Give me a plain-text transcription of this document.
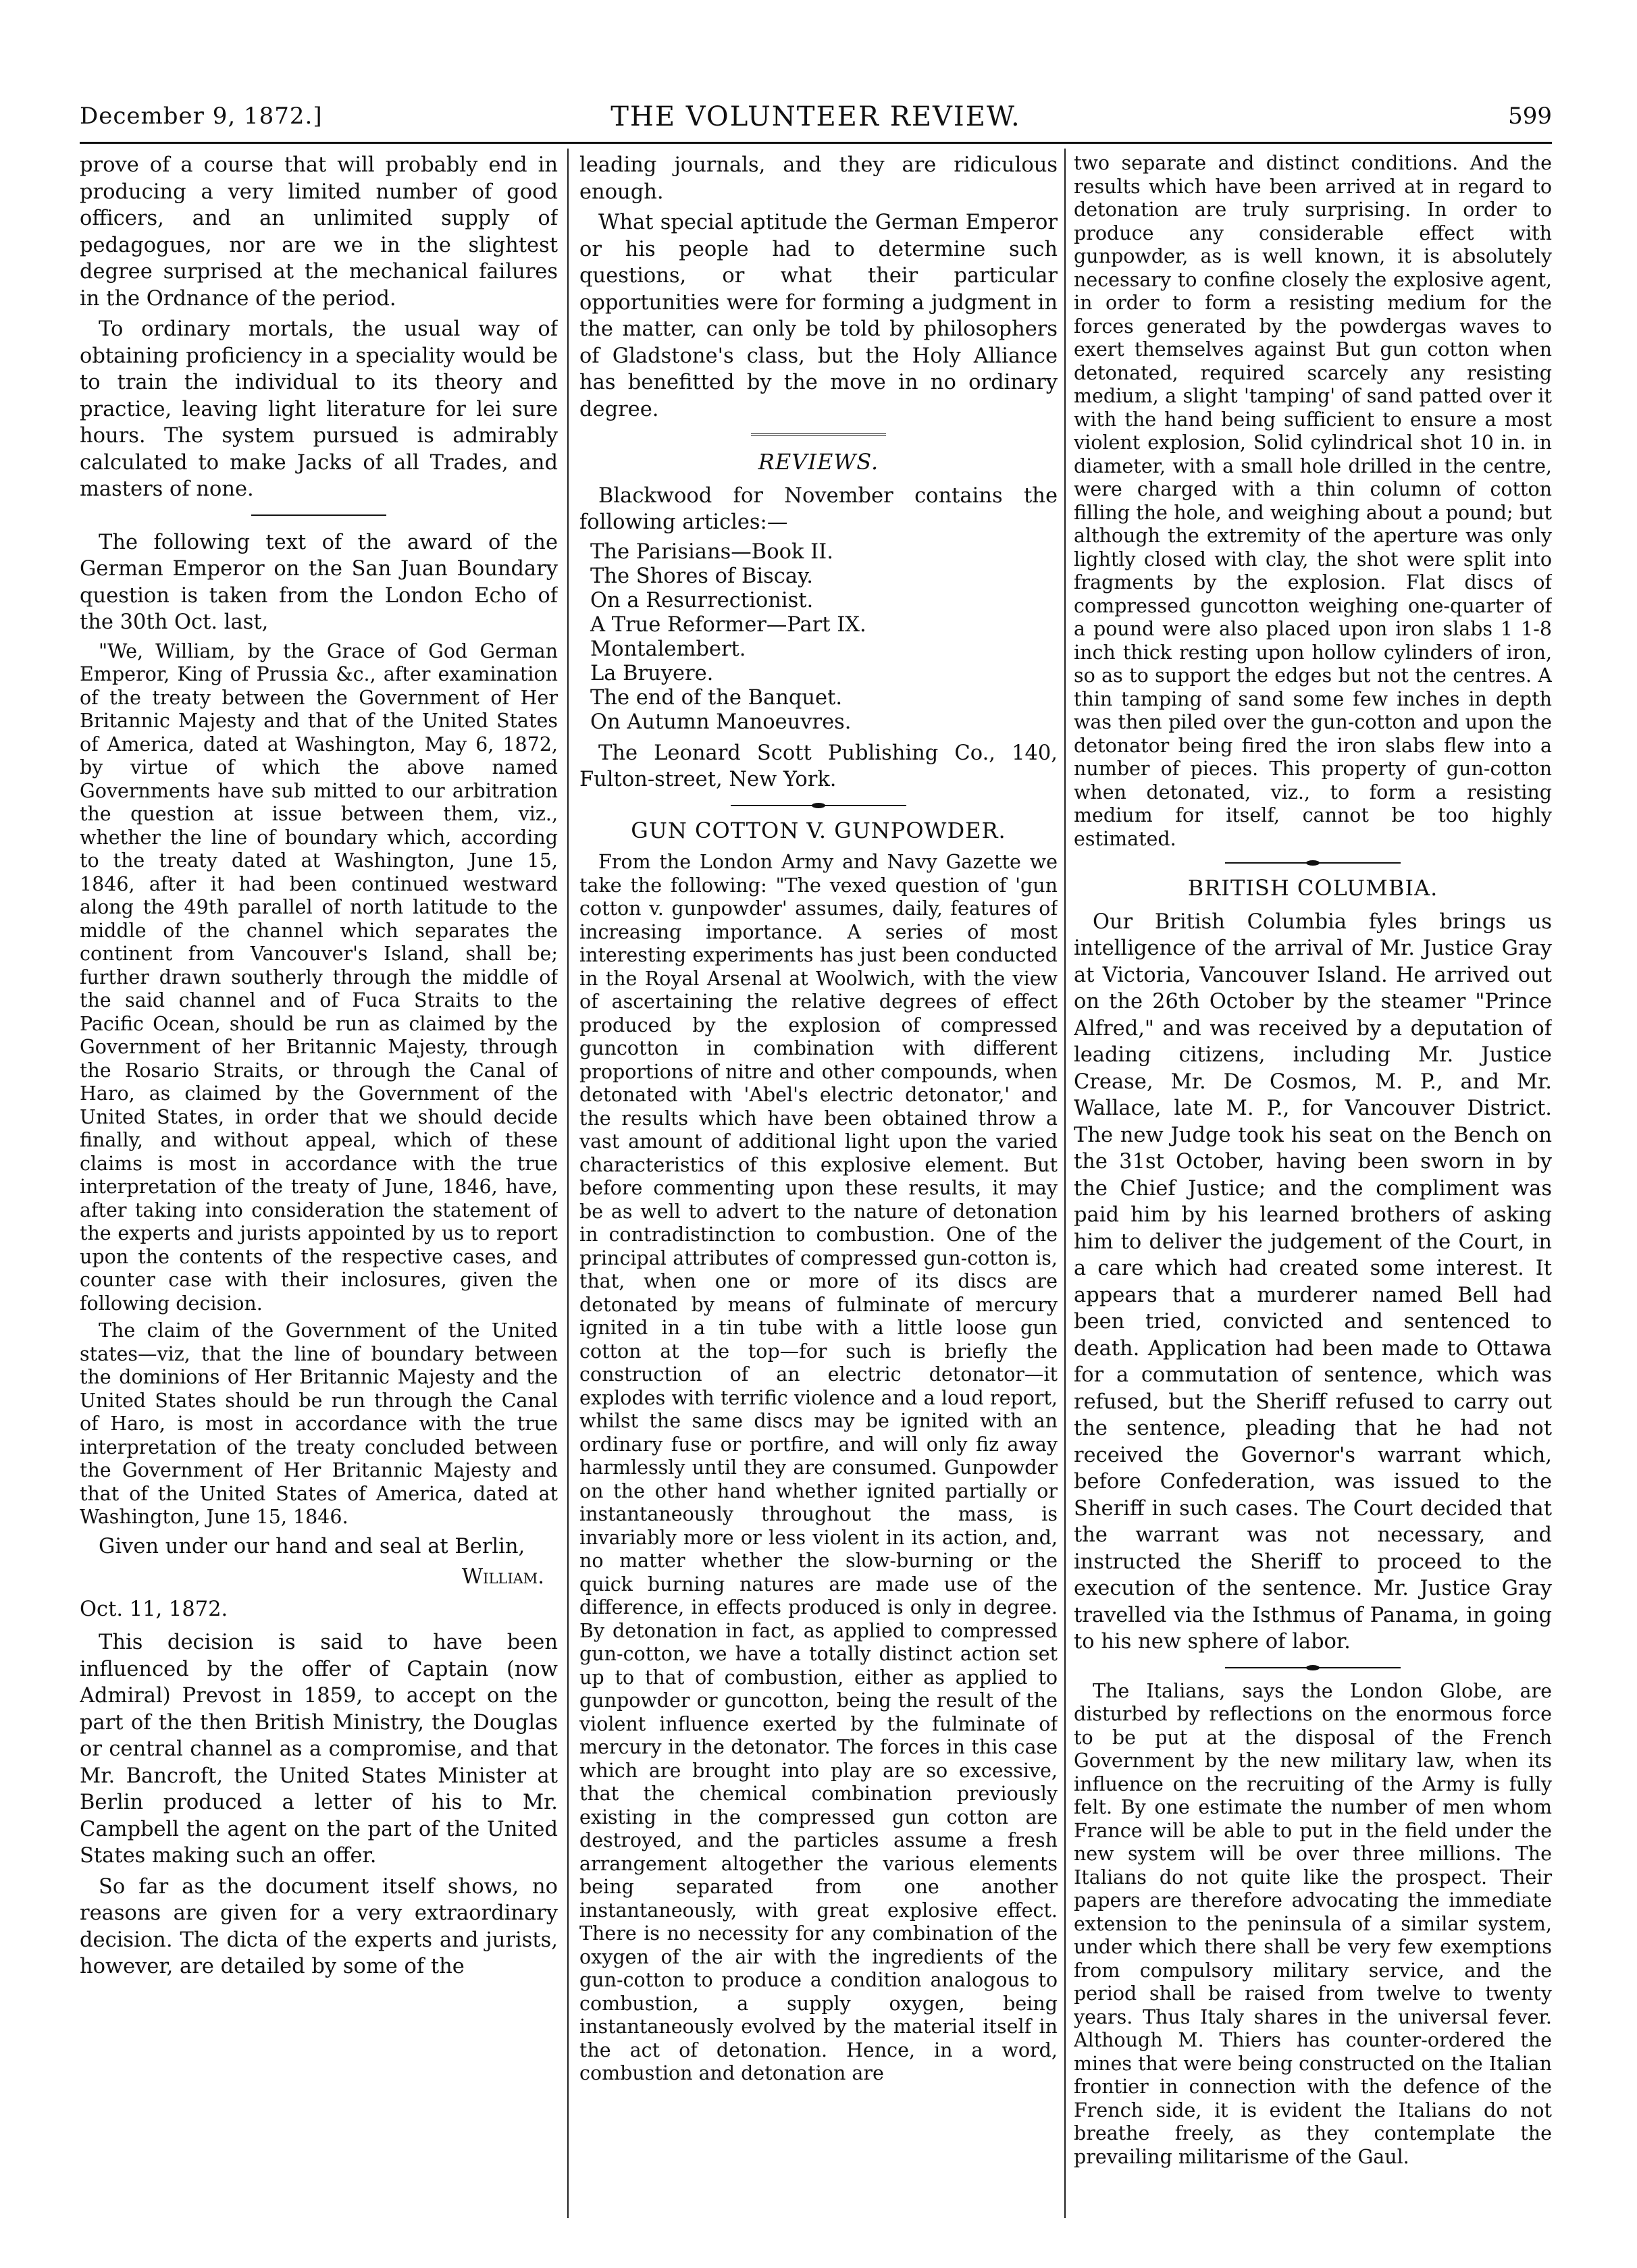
December 9, 1872.]	THE VOLUNTEER REVIEW.	599

prove of a course that will probably end in producing a very limited number of good officers, and an unlimited supply of pedagogues, nor are we in the slightest degree surprised at the mechanical failures in the Ordnance of the period.

To ordinary mortals, the usual way of obtaining proficiency in a speciality would be to train the individual to its theory and practice, leaving light literature for lei sure hours. The system pursued is admirably calculated to make Jacks of all Trades, and masters of none.

The following text of the award of the German Emperor on the San Juan Boundary question is taken from the London Echo of the 30th Oct. last,

"We, William, by the Grace of God German Emperor, King of Prussia &c., after examination of the treaty between the Government of Her Britannic Majesty and that of the United States of America, dated at Washington, May 6, 1872, by virtue of which the above named Governments have sub mitted to our arbitration the question at issue between them, viz., whether the line of boundary which, according to the treaty dated at Washington, June 15, 1846, after it had been continued westward along the 49th parallel of north latitude to the middle of the channel which separates the continent from Vancouver's Island, shall be; further drawn southerly through the middle of the said channel and of Fuca Straits to the Pacific Ocean, should be run as claimed by the Government of her Britannic Majesty, through the Rosario Straits, or through the Canal of Haro, as claimed by the Government of the United States, in order that we should decide finally, and without appeal, which of these claims is most in accordance with the true interpretation of the treaty of June, 1846, have, after taking into consideration the statement of the experts and jurists appointed by us to report upon the contents of the respective cases, and counter case with their inclosures, given the following decision.

The claim of the Government of the United states—viz, that the line of boundary between the dominions of Her Britannic Majesty and the United States should be run through the Canal of Haro, is most in accordance with the true interpretation of the treaty concluded between the Government of Her Britannic Majesty and that of the United States of America, dated at Washington, June 15, 1846.

Given under our hand and seal at Berlin,

William.
Oct. 11, 1872.

This decision is said to have been influenced by the offer of Captain (now Admiral) Prevost in 1859, to accept on the part of the then British Ministry, the Douglas or central channel as a compromise, and that Mr. Bancroft, the United States Minister at Berlin produced a letter of his to Mr. Campbell the agent on the part of the United States making such an offer.

So far as the document itself shows, no reasons are given for a very extraordinary decision. The dicta of the experts and jurists, however, are detailed by some of the

leading journals, and they are ridiculous enough.

What special aptitude the German Emperor or his people had to determine such questions, or what their particular opportunities were for forming a judgment in the matter, can only be told by philosophers of Gladstone's class, but the Holy Alliance has benefitted by the move in no ordinary degree.

REVIEWS.

Blackwood for November contains the following articles:—

The Parisians—Book II.
The Shores of Biscay.
On a Resurrectionist.
A True Reformer—Part IX.
Montalembert.
La Bruyere.
The end of the Banquet.
On Autumn Manoeuvres.

The Leonard Scott Publishing Co., 140, Fulton-street, New York.

GUN COTTON V. GUNPOWDER.

From the London Army and Navy Gazette we take the following: "The vexed question of 'gun cotton v. gunpowder' assumes, daily, features of increasing importance. A series of most interesting experiments has just been conducted in the Royal Arsenal at Woolwich, with the view of ascertaining the relative degrees of effect produced by the explosion of compressed guncotton in combination with different proportions of nitre and other compounds, when detonated with 'Abel's electric detonator,' and the results which have been obtained throw a vast amount of additional light upon the varied characteristics of this explosive element. But before commenting upon these results, it may be as well to advert to the nature of detonation in contradistinction to combustion. One of the principal attributes of compressed gun-cotton is, that, when one or more of its discs are detonated by means of fulminate of mercury ignited in a tin tube with a little loose gun cotton at the top—for such is briefly the construction of an electric detonator—it explodes with terrific violence and a loud report, whilst the same discs may be ignited with an ordinary fuse or portfire, and will only fiz away harmlessly until they are consumed. Gunpowder on the other hand whether ignited partially or instantaneously throughout the mass, is invariably more or less violent in its action, and, no matter whether the slow-burning or the quick burning natures are made use of the difference, in effects produced is only in degree. By detonation in fact, as applied to compressed gun-cotton, we have a totally distinct action set up to that of combustion, either as applied to gunpowder or guncotton, being the result of the violent influence exerted by the fulminate of mercury in the detonator. The forces in this case which are brought into play are so excessive, that the chemical combination previously existing in the compressed gun cotton are destroyed, and the particles assume a fresh arrangement altogether the various elements being separated from one another instantaneously, with great explosive effect. There is no necessity for any combination of the oxygen of the air with the ingredients of the gun-cotton to produce a condition analogous to combustion, a supply oxygen, being instantaneously evolved by the material itself in the act of detonation. Hence, in a word, combustion and detonation are

two separate and distinct conditions. And the results which have been arrived at in regard to detonation are truly surprising. In order to produce any considerable effect with gunpowder, as is well known, it is absolutely necessary to confine closely the explosive agent, in order to form a resisting medium for the forces generated by the powdergas waves to exert themselves against But gun cotton when detonated, required scarcely any resisting medium, a slight 'tamping' of sand patted over it with the hand being sufficient to ensure a most violent explosion, Solid cylindrical shot 10 in. in diameter, with a small hole drilled in the centre, were charged with a thin column of cotton filling the hole, and weighing about a pound; but although the extremity of the aperture was only lightly closed with clay, the shot were split into fragments by the explosion. Flat discs of compressed guncotton weighing one-quarter of a pound were also placed upon iron slabs 1 1-8 inch thick resting upon hollow cylinders of iron, so as to support the edges but not the centres. A thin tamping of sand some few inches in depth was then piled over the gun-cotton and upon the detonator being fired the iron slabs flew into a number of pieces. This property of gun-cotton when detonated, viz., to form a resisting medium for itself, cannot be too highly estimated.

BRITISH COLUMBIA.

Our British Columbia fyles brings us intelligence of the arrival of Mr. Justice Gray at Victoria, Vancouver Island. He arrived out on the 26th October by the steamer "Prince Alfred," and was received by a deputation of leading citizens, including Mr. Justice Crease, Mr. De Cosmos, M. P., and Mr. Wallace, late M. P., for Vancouver District. The new Judge took his seat on the Bench on the 31st October, having been sworn in by the Chief Justice; and the compliment was paid him by his learned brothers of asking him to deliver the judgement of the Court, in a care which had created some interest. It appears that a murderer named Bell had been tried, convicted and sentenced to death. Application had been made to Ottawa for a commutation of sentence, which was refused, but the Sheriff refused to carry out the sentence, pleading that he had not received the Governor's warrant which, before Confederation, was issued to the Sheriff in such cases. The Court decided that the warrant was not necessary, and instructed the Sheriff to proceed to the execution of the sentence. Mr. Justice Gray travelled via the Isthmus of Panama, in going to his new sphere of labor.

The Italians, says the London Globe, are disturbed by reflections on the enormous force to be put at the disposal of the French Government by the new military law, when its influence on the recruiting of the Army is fully felt. By one estimate the number of men whom France will be able to put in the field under the new system will be over three millions. The Italians do not quite like the prospect. Their papers are therefore advocating the immediate extension to the peninsula of a similar system, under which there shall be very few exemptions from compulsory military service, and the period shall be raised from twelve to twenty years. Thus Italy shares in the universal fever. Although M. Thiers has counter-ordered the mines that were being constructed on the Italian frontier in connection with the defence of the French side, it is evident the Italians do not breathe freely, as they contemplate the prevailing militarisme of the Gaul.
